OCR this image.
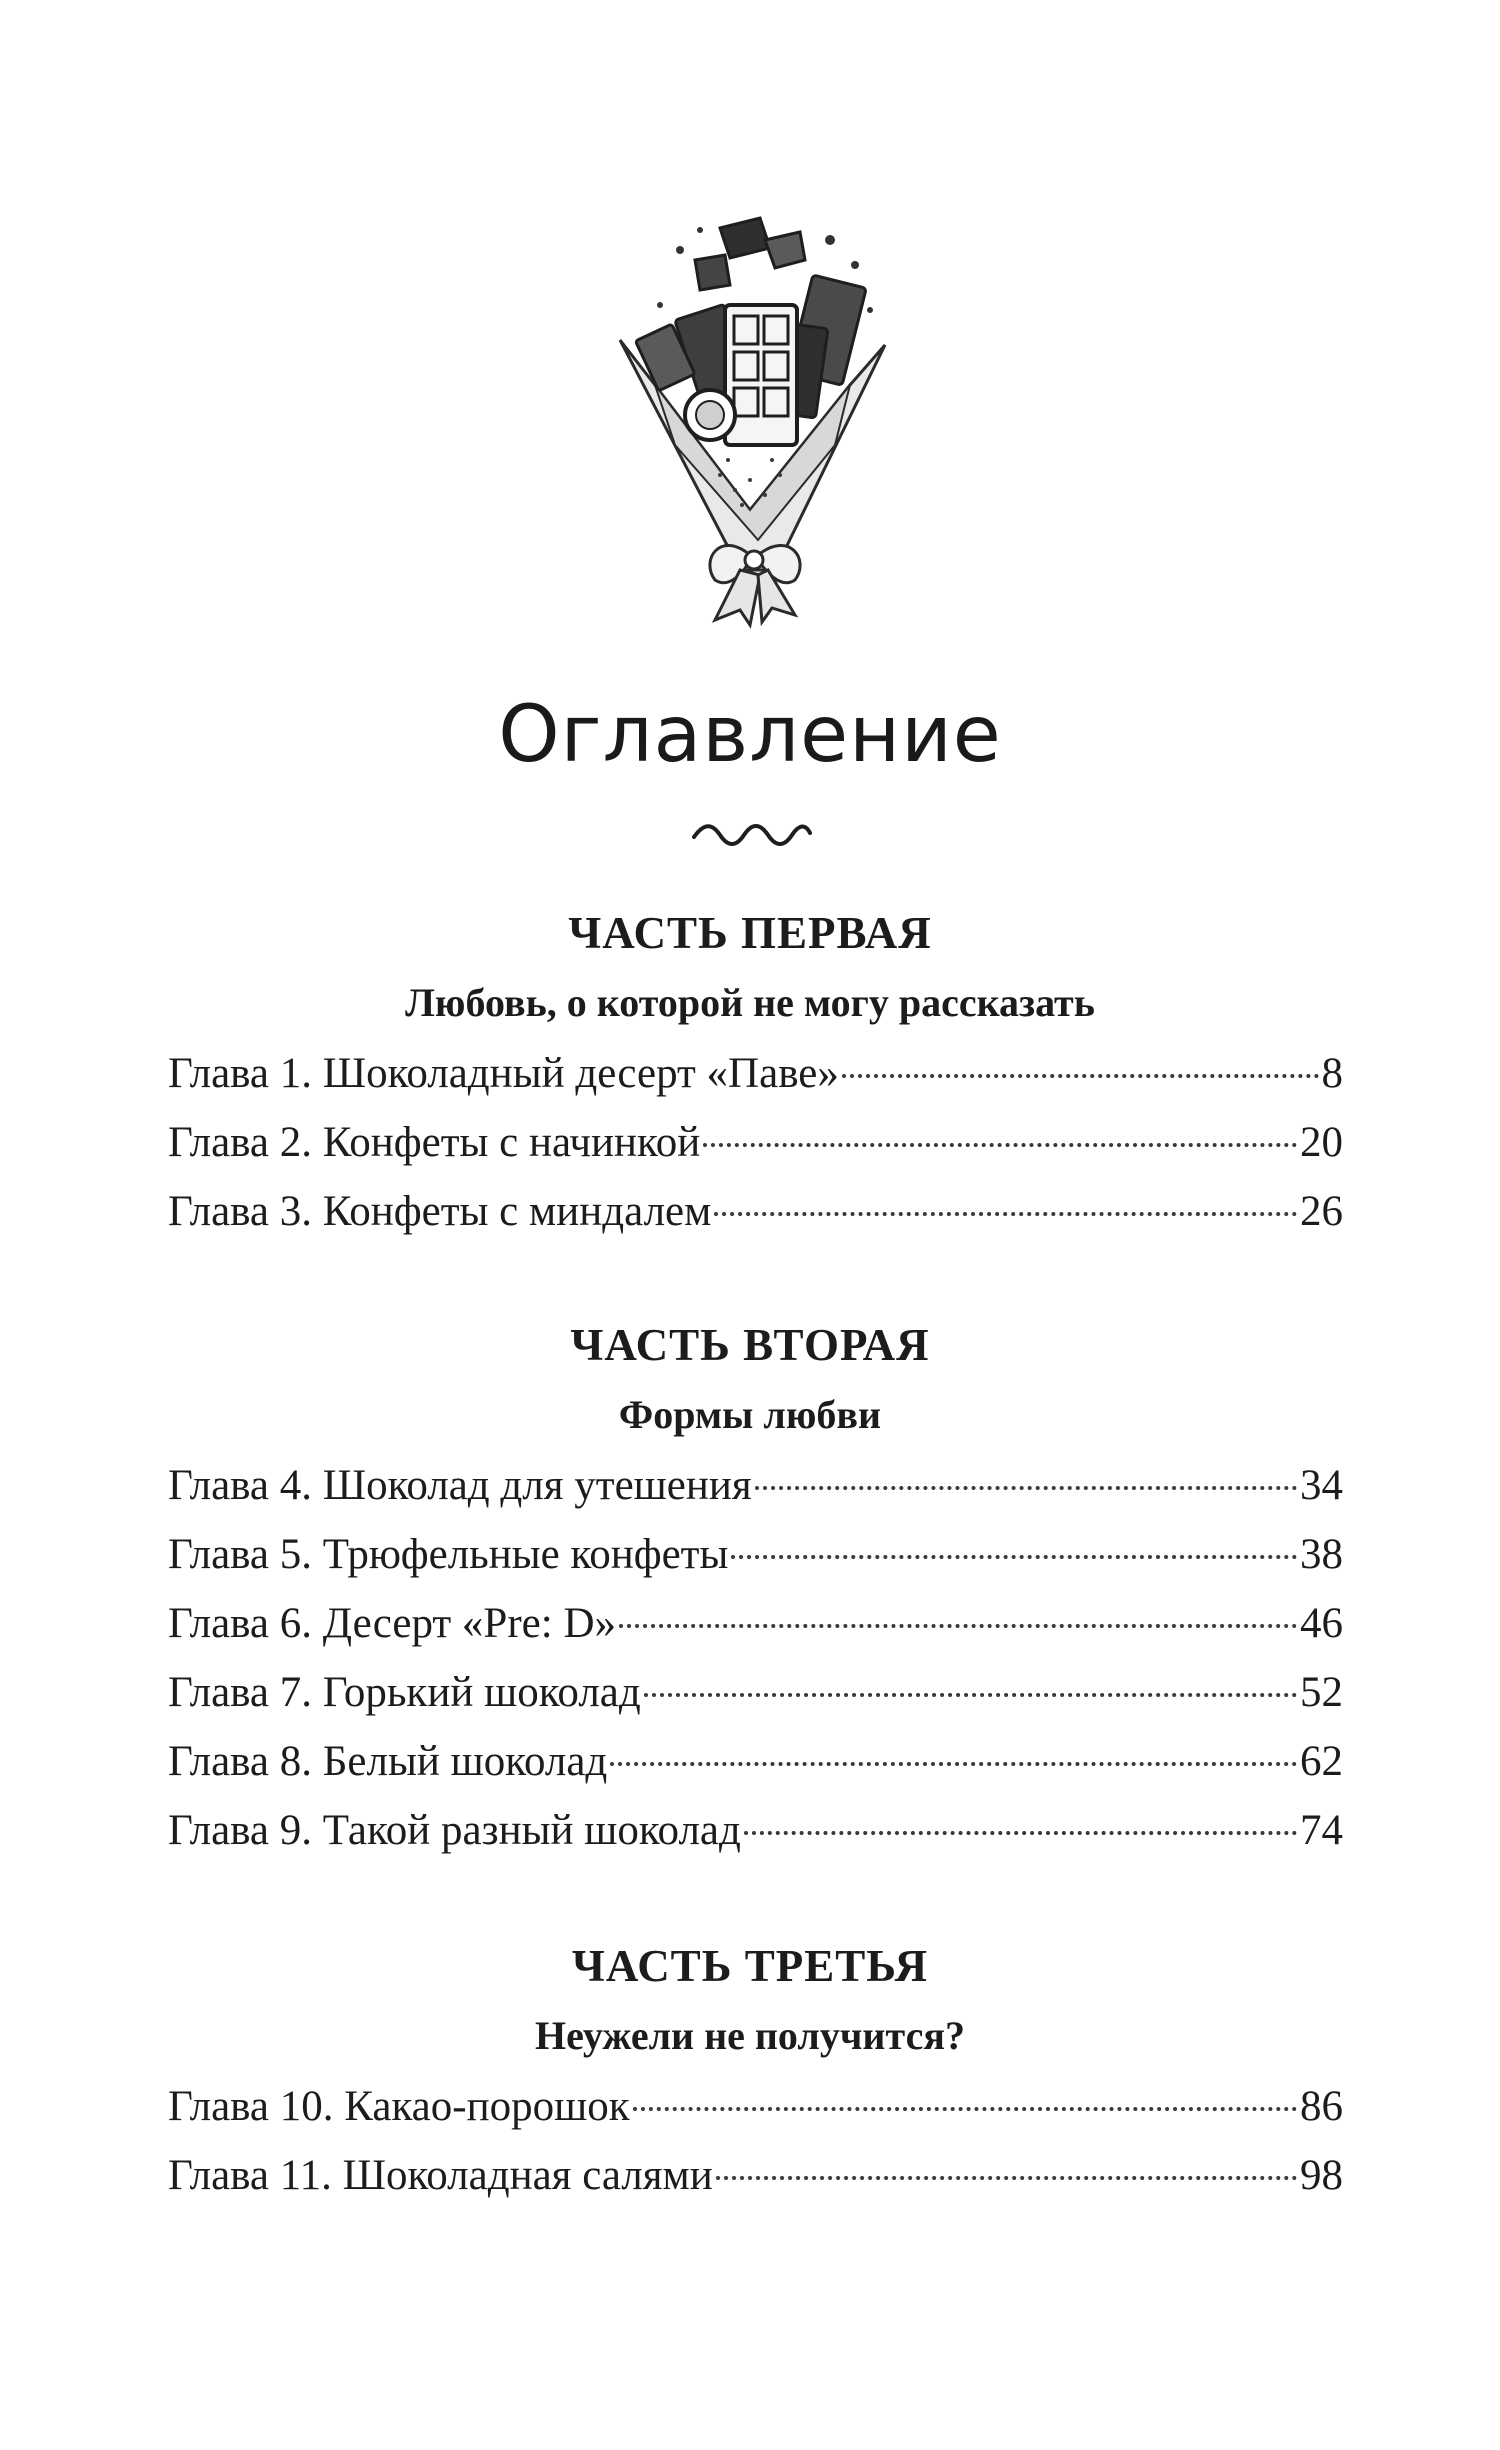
Оглавление
ЧАСТЬ ПЕРВАЯ
Любовь, о которой не могу рассказать
Глава 1. Шоколадный десерт «Паве»	8
Глава 2. Конфеты с начинкой	20
Глава 3. Конфеты с миндалем	26
ЧАСТЬ ВТОРАЯ
Формы любви
Глава 4. Шоколад для утешения	34
Глава 5. Трюфельные конфеты	38
Глава 6. Десерт «Pre: D»	46
Глава 7. Горький шоколад	52
Глава 8. Белый шоколад	62
Глава 9. Такой разный шоколад	74
ЧАСТЬ ТРЕТЬЯ
Неужели не получится?
Глава 10. Какао-порошок	86
Глава 11. Шоколадная салями	98
